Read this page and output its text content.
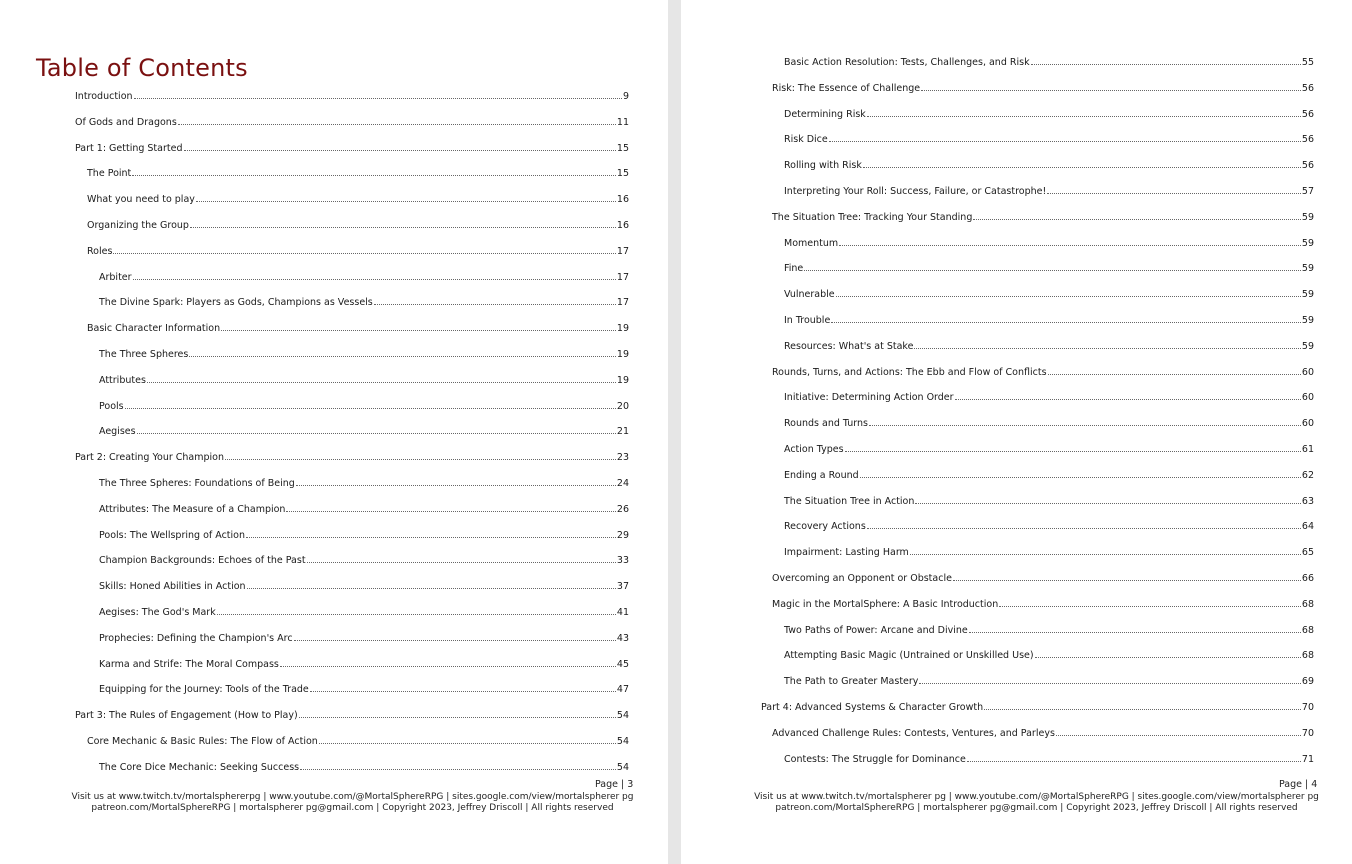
Table of Contents
Introduction	9
Of Gods and Dragons	11
Part 1: Getting Started	15
The Point	15
What you need to play	16
Organizing the Group	16
Roles	17
Arbiter	17
The Divine Spark: Players as Gods, Champions as Vessels	17
Basic Character Information	19
The Three Spheres	19
Attributes	19
Pools	20
Aegises	21
Part 2: Creating Your Champion	23
The Three Spheres: Foundations of Being	24
Attributes: The Measure of a Champion	26
Pools: The Wellspring of Action	29
Champion Backgrounds: Echoes of the Past	33
Skills: Honed Abilities in Action	37
Aegises: The God's Mark	41
Prophecies: Defining the Champion's Arc	43
Karma and Strife: The Moral Compass	45
Equipping for the Journey: Tools of the Trade	47
Part 3: The Rules of Engagement (How to Play)	54
Core Mechanic & Basic Rules: The Flow of Action	54
The Core Dice Mechanic: Seeking Success	54
Page | 3
Visit us at www.twitch.tv/mortalsphererpg | www.youtube.com/@MortalSphereRPG | sites.google.com/view/mortalspherer pg
patreon.com/MortalSphereRPG | mortalspherer pg@gmail.com | Copyright 2023, Jeffrey Driscoll | All rights reserved
Basic Action Resolution: Tests, Challenges, and Risk	55
Risk: The Essence of Challenge	56
Determining Risk	56
Risk Dice	56
Rolling with Risk	56
Interpreting Your Roll: Success, Failure, or Catastrophe!	57
The Situation Tree: Tracking Your Standing	59
Momentum	59
Fine	59
Vulnerable	59
In Trouble	59
Resources: What's at Stake	59
Rounds, Turns, and Actions: The Ebb and Flow of Conflicts	60
Initiative: Determining Action Order	60
Rounds and Turns	60
Action Types	61
Ending a Round	62
The Situation Tree in Action	63
Recovery Actions	64
Impairment: Lasting Harm	65
Overcoming an Opponent or Obstacle	66
Magic in the MortalSphere: A Basic Introduction	68
Two Paths of Power: Arcane and Divine	68
Attempting Basic Magic (Untrained or Unskilled Use)	68
The Path to Greater Mastery	69
Part 4: Advanced Systems & Character Growth	70
Advanced Challenge Rules: Contests, Ventures, and Parleys	70
Contests: The Struggle for Dominance	71
Page | 4
Visit us at www.twitch.tv/mortalspherer pg | www.youtube.com/@MortalSphereRPG | sites.google.com/view/mortalspherer pg
patreon.com/MortalSphereRPG | mortalspherer pg@gmail.com | Copyright 2023, Jeffrey Driscoll | All rights reserved
